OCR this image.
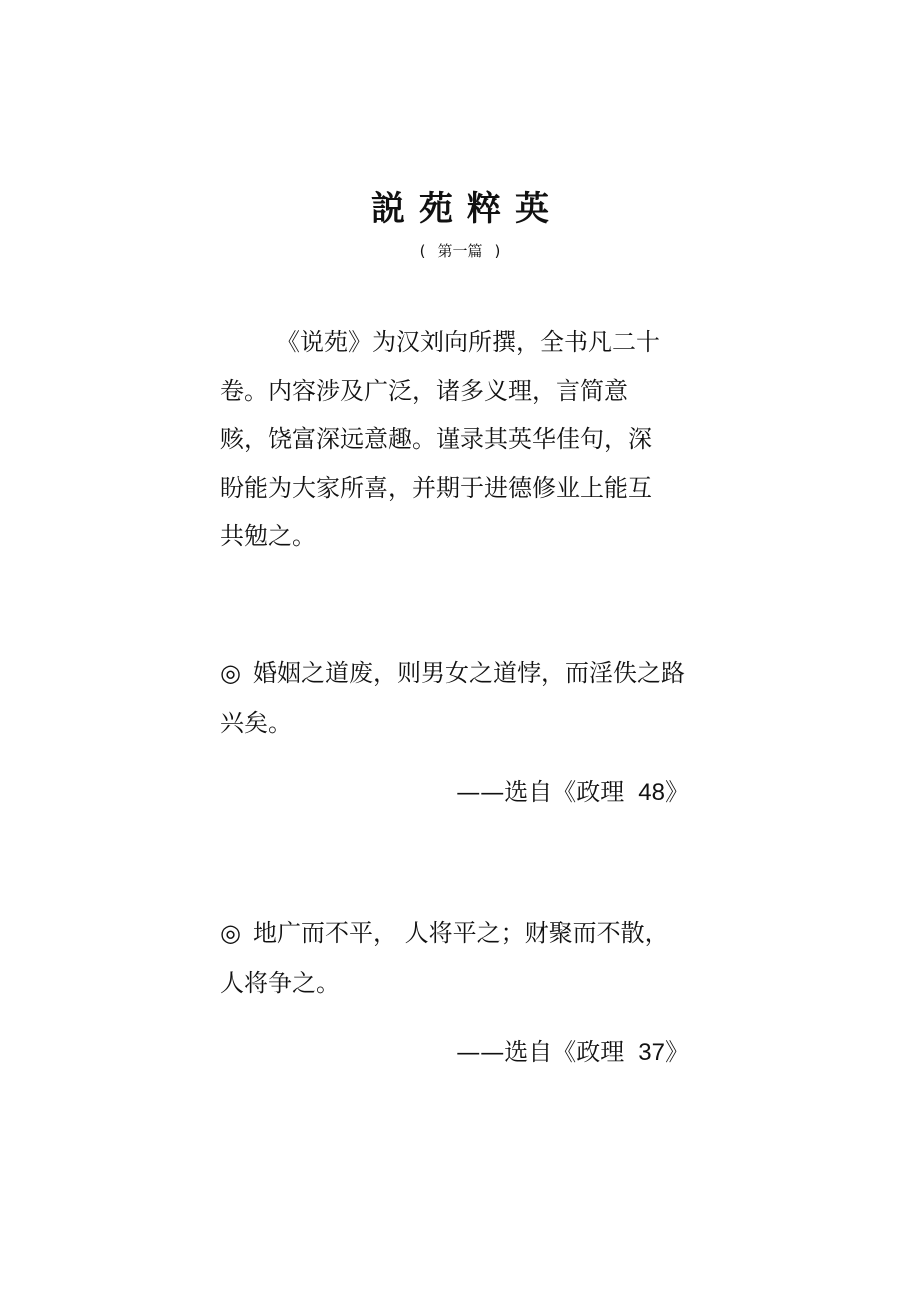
説苑粹英
( 第一篇 )

《说苑》为汉刘向所撰，全书凡二十卷。内容涉及广泛，诸多义理，言简意赅，饶富深远意趣。谨录其英华佳句，深盼能为大家所喜，并期于进德修业上能互共勉之。

◎ 婚姻之道废，则男女之道悖，而淫佚之路兴矣。

——选自《政理 48》

◎ 地广而不平， 人将平之；财聚而不散，人将争之。

——选自《政理 37》
